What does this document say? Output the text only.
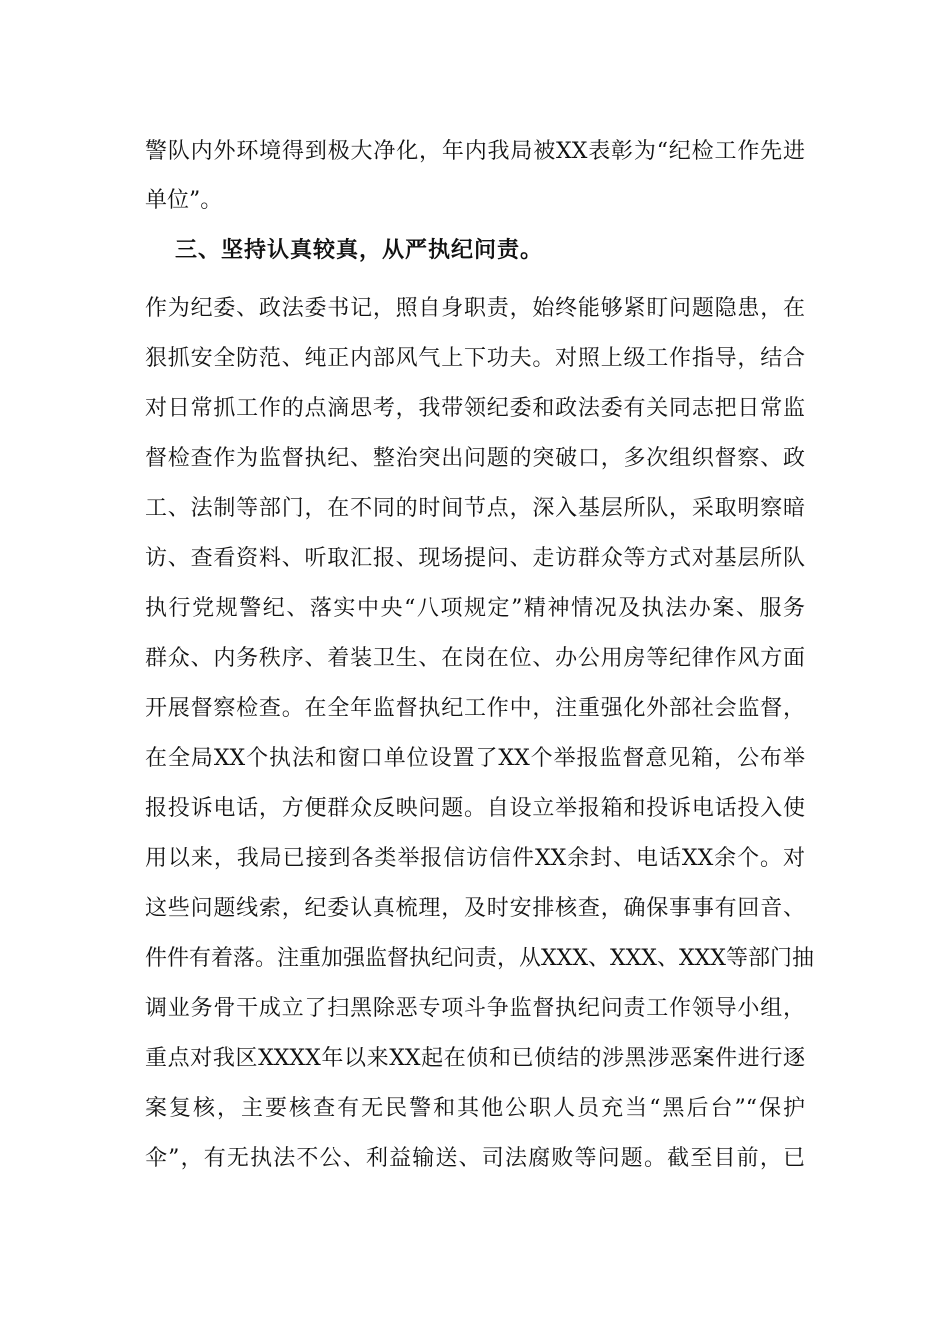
警队内外环境得到极大净化，年内我局被XX表彰为“纪检工作先进
单位”。
三、坚持认真较真，从严执纪问责。
作为纪委、政法委书记，照自身职责，始终能够紧盯问题隐患，在
狠抓安全防范、纯正内部风气上下功夫。对照上级工作指导，结合
对日常抓工作的点滴思考，我带领纪委和政法委有关同志把日常监
督检查作为监督执纪、整治突出问题的突破口，多次组织督察、政
工、法制等部门，在不同的时间节点，深入基层所队，采取明察暗
访、查看资料、听取汇报、现场提问、走访群众等方式对基层所队
执行党规警纪、落实中央“八项规定”精神情况及执法办案、服务
群众、内务秩序、着装卫生、在岗在位、办公用房等纪律作风方面
开展督察检查。在全年监督执纪工作中，注重强化外部社会监督，
在全局XX个执法和窗口单位设置了XX个举报监督意见箱，公布举
报投诉电话，方便群众反映问题。自设立举报箱和投诉电话投入使
用以来，我局已接到各类举报信访信件XX余封、电话XX余个。对
这些问题线索，纪委认真梳理，及时安排核查，确保事事有回音、
件件有着落。注重加强监督执纪问责，从XXX、XXX、XXX等部门抽
调业务骨干成立了扫黑除恶专项斗争监督执纪问责工作领导小组，
重点对我区XXXX年以来XX起在侦和已侦结的涉黑涉恶案件进行逐
案复核，主要核查有无民警和其他公职人员充当“黑后台”“保护
伞”，有无执法不公、利益输送、司法腐败等问题。截至目前，已
